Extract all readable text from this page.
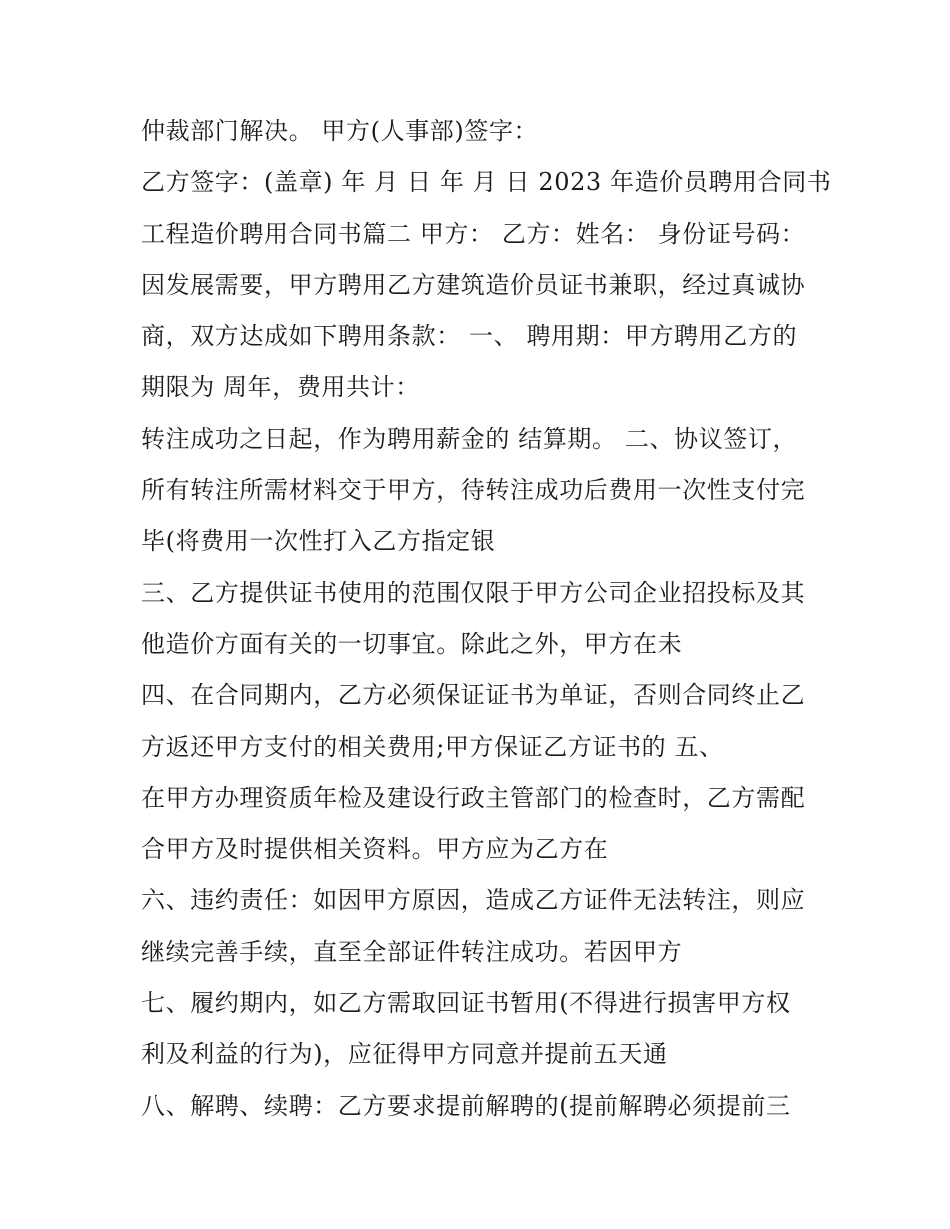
仲裁部门解决。 甲方(人事部)签字：
乙方签字：(盖章) 年 月 日 年 月 日 2023 年造价员聘用合同书
工程造价聘用合同书篇二 甲方： 乙方：姓名： 身份证号码：
因发展需要，甲方聘用乙方建筑造价员证书兼职，经过真诚协
商，双方达成如下聘用条款： 一、 聘用期：甲方聘用乙方的
期限为 周年，费用共计：
转注成功之日起，作为聘用薪金的 结算期。 二、协议签订，
所有转注所需材料交于甲方，待转注成功后费用一次性支付完
毕(将费用一次性打入乙方指定银
三、乙方提供证书使用的范围仅限于甲方公司企业招投标及其
他造价方面有关的一切事宜。除此之外，甲方在未
四、在合同期内，乙方必须保证证书为单证，否则合同终止乙
方返还甲方支付的相关费用;甲方保证乙方证书的 五、
在甲方办理资质年检及建设行政主管部门的检查时，乙方需配
合甲方及时提供相关资料。甲方应为乙方在
六、违约责任：如因甲方原因，造成乙方证件无法转注，则应
继续完善手续，直至全部证件转注成功。若因甲方
七、履约期内，如乙方需取回证书暂用(不得进行损害甲方权
利及利益的行为)，应征得甲方同意并提前五天通
八、解聘、续聘：乙方要求提前解聘的(提前解聘必须提前三
